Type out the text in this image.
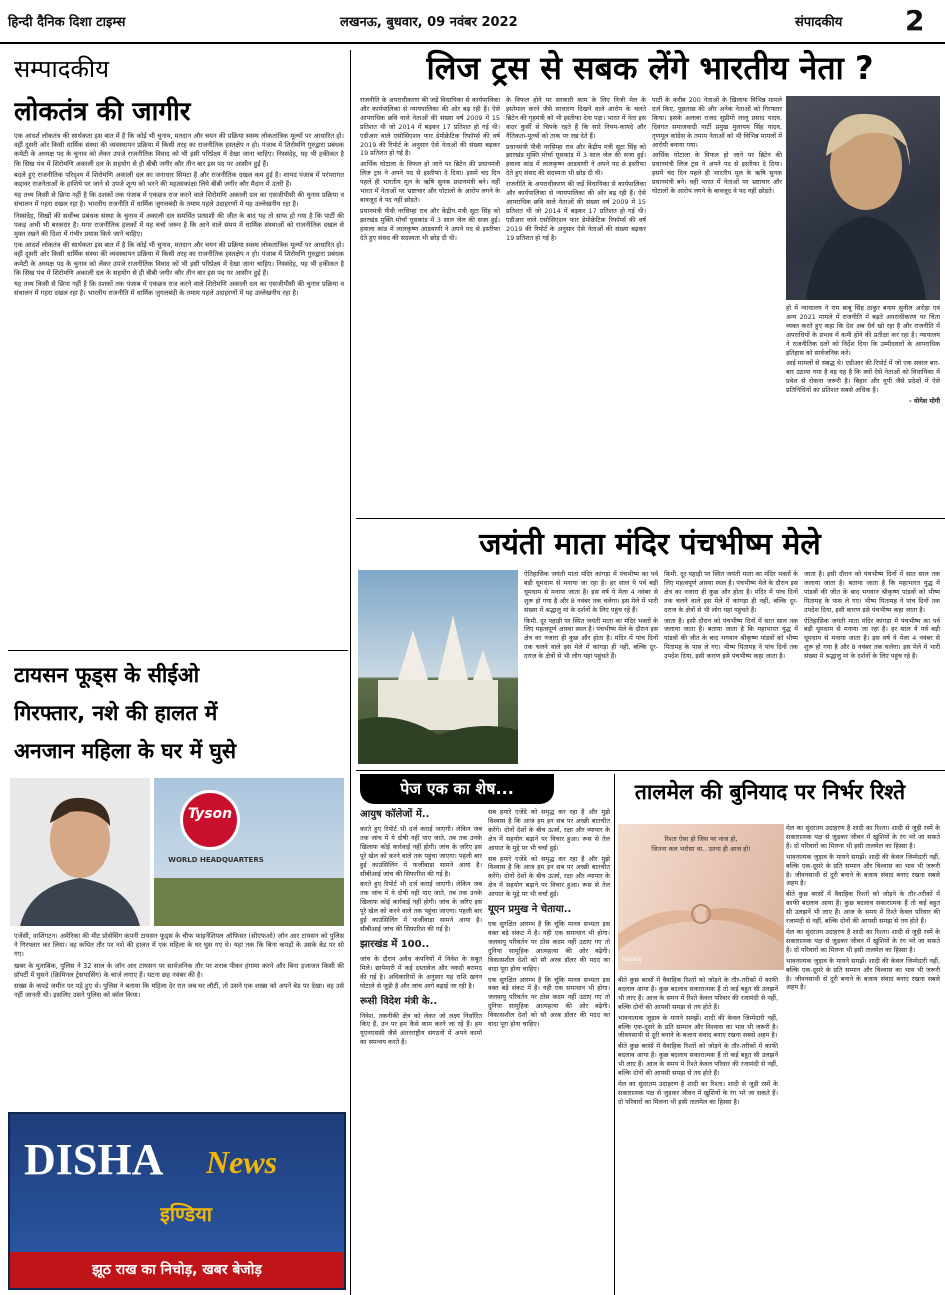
हिन्दी दैनिक दिशा टाइम्स	लखनऊ, बुधवार, 09 नवंबर 2022	संपादकीय 2
सम्पादकीय
लोकतंत्र की जागीर

एक आदर्श लोकतंत्र की सार्थकता इस बात में है कि कोई भी चुनाव, मतदान और चयन की प्रक्रिया स्वस्थ लोकतांत्रिक मूल्यों पर आधारित हो। वहीं दूसरी ओर किसी धार्मिक संस्था की व्यवस्थापन प्रक्रिया में किसी तरह का राजनीतिक हस्तक्षेप न हो। पंजाब में शिरोमणि गुरुद्वारा प्रबंधक कमेटी के अध्यक्ष पद के चुनाव को लेकर उपजे राजनीतिक विवाद को भी इसी परिप्रेक्ष्य में देखा जाना चाहिए। निस्संदेह, यह भी हकीकत है कि सिख पंथ में शिरोमणि अकाली दल के सहयोग से ही बीबी जगीर कौर तीन बार इस पद पर आसीन हुई हैं।

बदले हुए राजनीतिक परिदृश्य में शिरोमणि अकाली दल का जनाधार सिमटा है और राजनीतिक दखल कम हुई है। शायद पंजाब में परंपरागत कद्दावर राजनेताओं के हाशिये पर जाने से उपजे शून्य को भरने की महत्वाकांक्षा लिये बीबी जगीर कौर मैदान में उतरी हैं।

यह तथ्य किसी से छिपा नहीं है कि दशकों तक पंजाब में एकछत्र राज करने वाले शिरोमणि अकाली दल का एसजीपीसी की चुनाव प्रक्रिया व संचालन में गहरा दखल रहा है। भारतीय राजनीति में धार्मिक जुगलबंदी के तमाम पहले उदाहरणों में यह उल्लेखनीय रहा है।

निस्संदेह, सिखों की सर्वोच्च प्रबंधक संस्था के चुनाव में अकाली दल समर्थित प्रत्याशी की जीत के बाद यह तो साफ हो गया है कि पार्टी की पकड़ अभी भी बरकरार है। मगर राजनीतिक हलकों में यह चर्चा जरूर है कि आने वाले समय में धार्मिक संस्थाओं को राजनीतिक दखल से मुक्त रखने की दिशा में गंभीर प्रयास किये जाने चाहिए।

एक आदर्श लोकतंत्र की सार्थकता इस बात में है कि कोई भी चुनाव, मतदान और चयन की प्रक्रिया स्वस्थ लोकतांत्रिक मूल्यों पर आधारित हो। वहीं दूसरी ओर किसी धार्मिक संस्था की व्यवस्थापन प्रक्रिया में किसी तरह का राजनीतिक हस्तक्षेप न हो। पंजाब में शिरोमणि गुरुद्वारा प्रबंधक कमेटी के अध्यक्ष पद के चुनाव को लेकर उपजे राजनीतिक विवाद को भी इसी परिप्रेक्ष्य में देखा जाना चाहिए। निस्संदेह, यह भी हकीकत है कि सिख पंथ में शिरोमणि अकाली दल के सहयोग से ही बीबी जगीर कौर तीन बार इस पद पर आसीन हुई हैं।

यह तथ्य किसी से छिपा नहीं है कि दशकों तक पंजाब में एकछत्र राज करने वाले शिरोमणि अकाली दल का एसजीपीसी की चुनाव प्रक्रिया व संचालन में गहरा दखल रहा है। भारतीय राजनीति में धार्मिक जुगलबंदी के तमाम पहले उदाहरणों में यह उल्लेखनीय रहा है।

लिज ट्रस से सबक लेंगे भारतीय नेता ?

राजनीति के अपराधीकरण की जड़ें विधायिका से कार्यपालिका और कार्यपालिका से न्यायपालिका की ओर बढ़ रही हैं। ऐसे आपराधिक छवि वाले नेताओं की संख्या वर्ष 2009 में 15 प्रतिशत थी जो 2014 में बढ़कर 17 प्रतिशत हो गई थी। एडीआर वाले एसोसिएशन फार डेमोक्रेटिक रिफॉर्म्स की वर्ष 2019 की रिपोर्ट के अनुसार ऐसे नेताओं की संख्या बढ़कर 19 प्रतिशत हो गई है।

आर्थिक घोटाला के विफल हो जाने पर ब्रिटेन की प्रधानमंत्री लिज ट्रस ने अपने पद से इस्तीफा दे दिया। इसमें चंद दिन पहले ही भारतीय मूल के ऋषि सुनक प्रधानमंत्री बने। वहीं भारत में नेताओं पर भ्रष्टाचार और घोटालों के आरोप लगने के बावजूद वे पद नहीं छोड़ते।

प्रधानमंत्री पीवी नरसिम्हा राव और केंद्रीय मंत्री सूटा सिंह को झारखंड मुक्ति मोर्चा घूसकांड में 3 साल जेल की सजा हुई। हवाला कांड में लालकृष्ण आडवाणी ने अपने पद से इस्तीफा देते हुए संसद की सदस्यता भी छोड़ दी थी।

के विफल होने पर सरकारी काम के लिए निजी मेल के इस्तेमाल करने जैसे साधारण दिखने वाले आरोप के चलते ब्रिटेन की गृहमंत्री को भी इस्तीफा देना पड़ा। भारत में नेता इस कदर कुर्सी से चिपके रहते हैं कि सारे नियम-कायदे और नैतिकता-मूल्यों को ताक पर रख देते हैं।

प्रधानमंत्री पीवी नरसिम्हा राव और केंद्रीय मंत्री सूटा सिंह को झारखंड मुक्ति मोर्चा घूसकांड में 3 साल जेल की सजा हुई। हवाला कांड में लालकृष्ण आडवाणी ने अपने पद से इस्तीफा देते हुए संसद की सदस्यता भी छोड़ दी थी।

राजनीति के अपराधीकरण की जड़ें विधायिका से कार्यपालिका और कार्यपालिका से न्यायपालिका की ओर बढ़ रही हैं। ऐसे आपराधिक छवि वाले नेताओं की संख्या वर्ष 2009 में 15 प्रतिशत थी जो 2014 में बढ़कर 17 प्रतिशत हो गई थी। एडीआर वाले एसोसिएशन फार डेमोक्रेटिक रिफॉर्म्स की वर्ष 2019 की रिपोर्ट के अनुसार ऐसे नेताओं की संख्या बढ़कर 19 प्रतिशत हो गई है।

पार्टी के करीब 200 नेताओं के खिलाफ विभिन्न मामले दर्ज किए, पूछताछ की और अनेक नेताओं को गिरफ्तार किया। इसके अलावा राजद सुप्रीमो लालू प्रसाद यादव, दिवंगत समाजवादी पार्टी प्रमुख मुलायम सिंह यादव, तृणमूल कांग्रेस के तमाम नेताओं को भी विभिन्न मामलों में आरोपी बनाया गया।

आर्थिक घोटाला के विफल हो जाने पर ब्रिटेन की प्रधानमंत्री लिज ट्रस ने अपने पद से इस्तीफा दे दिया। इसमें चंद दिन पहले ही भारतीय मूल के ऋषि सुनक प्रधानमंत्री बने। वहीं भारत में नेताओं पर भ्रष्टाचार और घोटालों के आरोप लगने के बावजूद वे पद नहीं छोड़ते।

हो में न्यायालय ने राम बाबू सिंह ठाकुर बनाम सुनील अरोड़ा एवं अन्य 2021 मामले में राजनीति में बढ़ते अपराधीकरण पर चिंता व्यक्त करते हुए कहा कि देश अब धैर्य खो रहा है और राजनीति में अपराधियों के प्रभाव में कमी होने की प्रतीक्षा कर रहा है। न्यायालय ने राजनीतिक दलों को निर्देश दिया कि उम्मीदवारों के आपराधिक इतिहास को सार्वजनिक करें।

आई मामलों से संबद्ध थे। एडीआर की रिपोर्ट में जो एक सवाल बार-बार उठाया गया है वह यह है कि क्यों ऐसे नेताओं को विधायिका में प्रवेश से रोकना जरूरी है। बिहार और यूपी जैसे प्रदेशों में ऐसे प्रतिनिधियों का प्रतिशत सबसे अधिक है।

- योगेश योगी

जयंती माता मंदिर पंचभीष्म मेले

ऐतिहासिक जयंती माता मंदिर कांगड़ा में पंचभीष्म का पर्व बड़ी धूमधाम से मनाया जा रहा है। हर साल ये पर्व बड़ी धूमधाम से मनाया जाता है। इस वर्ष ये मेला 4 नवंबर से शुरू हो गया है और 8 नवंबर तक चलेगा। इस मेले में भारी संख्या में श्रद्धालु मां के दर्शनों के लिए पहुंच रहे हैं।

किमी. दूर पहाड़ी पर स्थित जयंती माता का मंदिर भक्तों के लिए महत्वपूर्ण आस्था स्थल है। पंचभीष्म मेले के दौरान इस क्षेत्र का नजारा ही कुछ और होता है। मंदिर में पांच दिनों तक चलने वाले इस मेले में कांगड़ा ही नहीं, बल्कि दूर-दराज के क्षेत्रों से भी लोग यहां पहुंचते हैं।

किमी. दूर पहाड़ी पर स्थित जयंती माता का मंदिर भक्तों के लिए महत्वपूर्ण आस्था स्थल है। पंचभीष्म मेले के दौरान इस क्षेत्र का नजारा ही कुछ और होता है। मंदिर में पांच दिनों तक चलने वाले इस मेले में कांगड़ा ही नहीं, बल्कि दूर-दराज के क्षेत्रों से भी लोग यहां पहुंचते हैं।

जाता है। इसी दौरान को पंचभीष्म दिनों में सात साल तक जलाया जाता है। बताया जाता है कि महाभारत युद्ध में पांडवों की जीत के बाद भगवान श्रीकृष्ण पांडवों को भीष्म पितामह के पास ले गए। भीष्म पितामह ने पांच दिनों तक उपदेश दिया, इसी कारण इसे पंचभीष्म कहा जाता है।

जाता है। इसी दौरान को पंचभीष्म दिनों में सात साल तक जलाया जाता है। बताया जाता है कि महाभारत युद्ध में पांडवों की जीत के बाद भगवान श्रीकृष्ण पांडवों को भीष्म पितामह के पास ले गए। भीष्म पितामह ने पांच दिनों तक उपदेश दिया, इसी कारण इसे पंचभीष्म कहा जाता है।

ऐतिहासिक जयंती माता मंदिर कांगड़ा में पंचभीष्म का पर्व बड़ी धूमधाम से मनाया जा रहा है। हर साल ये पर्व बड़ी धूमधाम से मनाया जाता है। इस वर्ष ये मेला 4 नवंबर से शुरू हो गया है और 8 नवंबर तक चलेगा। इस मेले में भारी संख्या में श्रद्धालु मां के दर्शनों के लिए पहुंच रहे हैं।

टायसन फूड्स के सीईओ
गिरफ्तार, नशे की हालत में
अनजान महिला के घर में घुसे
Tyson
WORLD HEADQUARTERS

एजेंसी, वाशिंगटन। अमेरिका की मीट प्रोसेसिंग कंपनी टायसन फूड्स के चीफ फाइनेंशियल ऑफिसर (सीएफओ) जॉन आर टायसन को पुलिस ने गिरफ्तार कर लिया। वह कथित तौर पर नशे की हालत में एक महिला के घर घुस गए थे। यहां तक कि बिना कपड़ों के उसके बेड पर सो गए।

खबर के मुताबिक, पुलिस ने 32 साल के जॉन आर टायसन पर सार्वजनिक तौर पर शराब पीकर हंगामा करने और बिना इजाजत किसी की प्रॉपर्टी में घुसने (क्रिमिनल ट्रेसपासिंग) के चार्ज लगाए हैं। घटना छह नवंबर की है।

सख्स के कपड़े जमीन पर पड़े हुए थे। पुलिस ने बताया कि महिला देर रात जब घर लौटीं, तो उसने एक शख्स को अपने बेड पर देखा। वह उसे नहीं जानती थी। इसलिए उसने पुलिस को कॉल किया।

DISHA	News
इण्डिया
झूठ राख का निचोड़, खबर बेजोड़
पेज एक का शेष...
आयुष कॉलेजों में..

करते हुए रिपोर्ट भी दर्ज कराई जाएगी। लेकिन जब तक जांच में ये दोषी नहीं पाए जाते, तब तक उनके खिलाफ कोई कार्रवाई नहीं होगी। जांच के जरिए इस पूरे खेल को करने वाले तक पहुंचा जाएगा। पहली बार हुई काउंसिलिंग में फर्जीवाड़ा सामने आया है। सीबीआई जांच की सिफारिश की गई है।

करते हुए रिपोर्ट भी दर्ज कराई जाएगी। लेकिन जब तक जांच में ये दोषी नहीं पाए जाते, तब तक उनके खिलाफ कोई कार्रवाई नहीं होगी। जांच के जरिए इस पूरे खेल को करने वाले तक पहुंचा जाएगा। पहली बार हुई काउंसिलिंग में फर्जीवाड़ा सामने आया है। सीबीआई जांच की सिफारिश की गई है।

झारखंड में 100..

जांच के दौरान अवैध कंपनियों में निवेश के सबूत मिले। छापेमारी में कई दस्तावेज और नकदी बरामद की गई है। अधिकारियों के अनुसार यह राशि खनन घोटाले से जुड़ी है और जांच आगे बढ़ाई जा रही है।

रूसी विदेश मंत्री के..

निवेश, तकनीकी क्षेत्र को लेकर जो लक्ष्य निर्धारित किए हैं, उन पर हम कैसे काम करने जा रहे हैं। हम यूएनएससी जैसे अंतरराष्ट्रीय संगठनों में अपने कामों का समन्वय करते हैं।

सब हमारे एजेंडे को समृद्ध कर रहा है और मुझे विश्वास है कि आज हम इन सब पर अच्छी बातचीत करेंगे। दोनों देशों के बीच ऊर्जा, रक्षा और व्यापार के क्षेत्र में सहयोग बढ़ाने पर विचार हुआ। रूस से तेल आयात के मुद्दे पर भी चर्चा हुई।

सब हमारे एजेंडे को समृद्ध कर रहा है और मुझे विश्वास है कि आज हम इन सब पर अच्छी बातचीत करेंगे। दोनों देशों के बीच ऊर्जा, रक्षा और व्यापार के क्षेत्र में सहयोग बढ़ाने पर विचार हुआ। रूस से तेल आयात के मुद्दे पर भी चर्चा हुई।

यूएन प्रमुख ने चेताया..

एक सुरक्षित आरम्भ है कि चूंकि मानव सभ्यता इस वक्त बड़े संकट में है। यही एक समाधान भी होगा। जलवायु परिवर्तन पर ठोस कदम नहीं उठाए गए तो दुनिया सामूहिक आत्महत्या की ओर बढ़ेगी। विकासशील देशों को सौ अरब डॉलर की मदद का वादा पूरा होना चाहिए।

एक सुरक्षित आरम्भ है कि चूंकि मानव सभ्यता इस वक्त बड़े संकट में है। यही एक समाधान भी होगा। जलवायु परिवर्तन पर ठोस कदम नहीं उठाए गए तो दुनिया सामूहिक आत्महत्या की ओर बढ़ेगी। विकासशील देशों को सौ अरब डॉलर की मदद का वादा पूरा होना चाहिए।

तालमेल की बुनियाद पर निर्भर रिश्ते
रिश्ता ऐसा हो जिस पर नाज हो,
जितना कल भरोसा था.. उतना ही आज हो!
mizaaj

बीते कुछ बरसों में वैवाहिक रिश्तों को जोड़ने के तौर-तरीकों में काफी बदलाव आया है। कुछ बदलाव सकारात्मक हैं तो कई बहुत सी उलझनें भी लाए हैं। आज के समय में रिश्ते केवल परिवार की रजामंदी से नहीं, बल्कि दोनों की आपसी समझ से तय होते हैं।

भावनात्मक जुड़ाव के मायने समझें। शादी की केवल जिम्मेदारी नहीं, बल्कि एक-दूसरे के प्रति सम्मान और विश्वास का भाव भी जरूरी है। जीवनसाथी से दूरी बनाने के बजाय संवाद बनाए रखना सबसे अहम है।

बीते कुछ बरसों में वैवाहिक रिश्तों को जोड़ने के तौर-तरीकों में काफी बदलाव आया है। कुछ बदलाव सकारात्मक हैं तो कई बहुत सी उलझनें भी लाए हैं। आज के समय में रिश्ते केवल परिवार की रजामंदी से नहीं, बल्कि दोनों की आपसी समझ से तय होते हैं।

मेल का सुंदरतम उदाहरण है शादी का रिश्ता। शादी से जुड़ी रस्में के सकारात्मक पक्ष से जुड़कर जीवन में खुशियों के रंग भरे जा सकते हैं। दो परिवारों का मिलना भी इसी तालमेल का हिस्सा है।

मेल का सुंदरतम उदाहरण है शादी का रिश्ता। शादी से जुड़ी रस्में के सकारात्मक पक्ष से जुड़कर जीवन में खुशियों के रंग भरे जा सकते हैं। दो परिवारों का मिलना भी इसी तालमेल का हिस्सा है।

भावनात्मक जुड़ाव के मायने समझें। शादी की केवल जिम्मेदारी नहीं, बल्कि एक-दूसरे के प्रति सम्मान और विश्वास का भाव भी जरूरी है। जीवनसाथी से दूरी बनाने के बजाय संवाद बनाए रखना सबसे अहम है।

बीते कुछ बरसों में वैवाहिक रिश्तों को जोड़ने के तौर-तरीकों में काफी बदलाव आया है। कुछ बदलाव सकारात्मक हैं तो कई बहुत सी उलझनें भी लाए हैं। आज के समय में रिश्ते केवल परिवार की रजामंदी से नहीं, बल्कि दोनों की आपसी समझ से तय होते हैं।

मेल का सुंदरतम उदाहरण है शादी का रिश्ता। शादी से जुड़ी रस्में के सकारात्मक पक्ष से जुड़कर जीवन में खुशियों के रंग भरे जा सकते हैं। दो परिवारों का मिलना भी इसी तालमेल का हिस्सा है।

भावनात्मक जुड़ाव के मायने समझें। शादी की केवल जिम्मेदारी नहीं, बल्कि एक-दूसरे के प्रति सम्मान और विश्वास का भाव भी जरूरी है। जीवनसाथी से दूरी बनाने के बजाय संवाद बनाए रखना सबसे अहम है।
